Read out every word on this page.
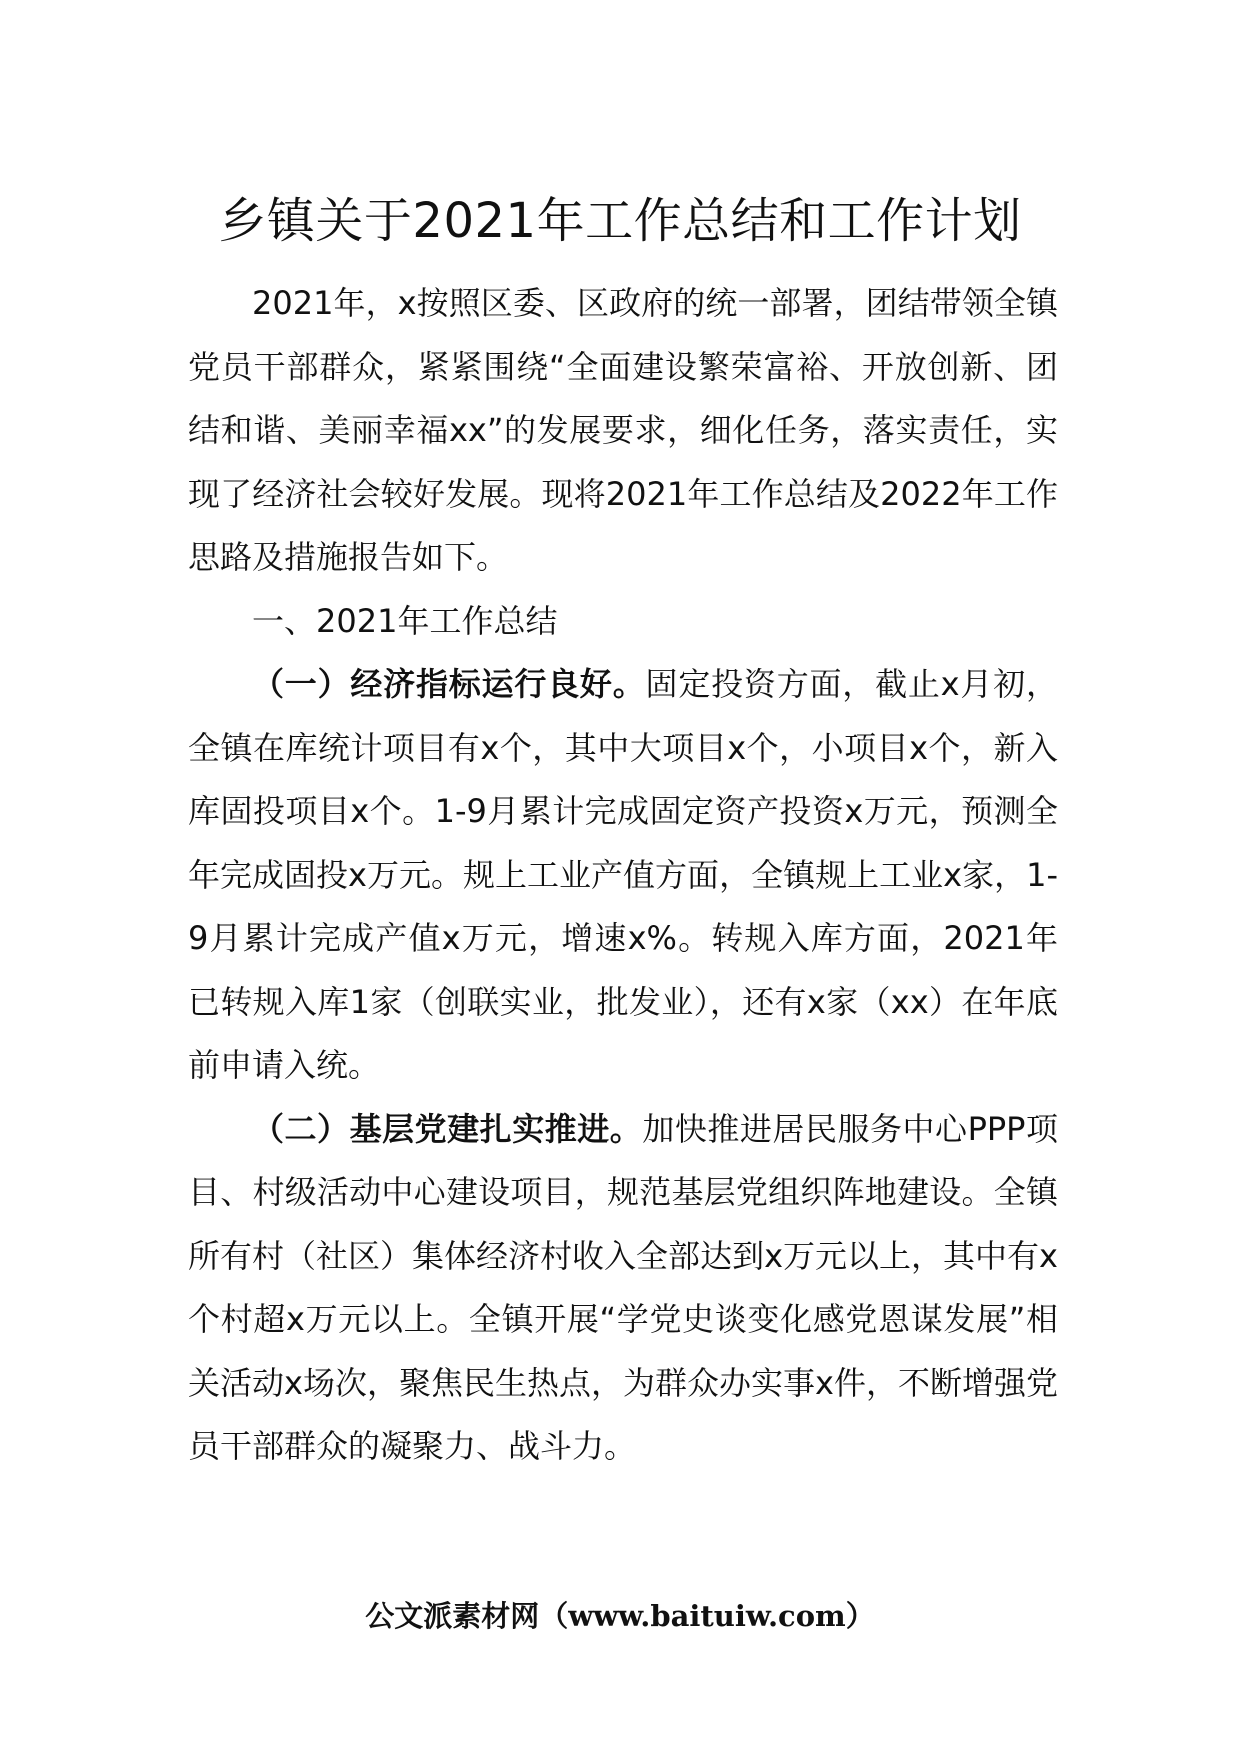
乡镇关于2021年工作总结和工作计划

2021年，x按照区委、区政府的统一部署，团结带领全镇党员干部群众，紧紧围绕“全面建设繁荣富裕、开放创新、团结和谐、美丽幸福xx”的发展要求，细化任务，落实责任，实现了经济社会较好发展。现将2021年工作总结及2022年工作思路及措施报告如下。

一、2021年工作总结

（一）经济指标运行良好。固定投资方面，截止x月初，全镇在库统计项目有x个，其中大项目x个，小项目x个，新入库固投项目x个。1-9月累计完成固定资产投资x万元，预测全年完成固投x万元。规上工业产值方面，全镇规上工业x家，1-9月累计完成产值x万元，增速x%。转规入库方面，2021年已转规入库1家（创联实业，批发业），还有x家（xx）在年底前申请入统。

（二）基层党建扎实推进。加快推进居民服务中心PPP项目、村级活动中心建设项目，规范基层党组织阵地建设。全镇所有村（社区）集体经济村收入全部达到x万元以上，其中有x个村超x万元以上。全镇开展“学党史谈变化感党恩谋发展”相关活动x场次，聚焦民生热点，为群众办实事x件，不断增强党员干部群众的凝聚力、战斗力。

公文派素材网（www.baituiw.com）
